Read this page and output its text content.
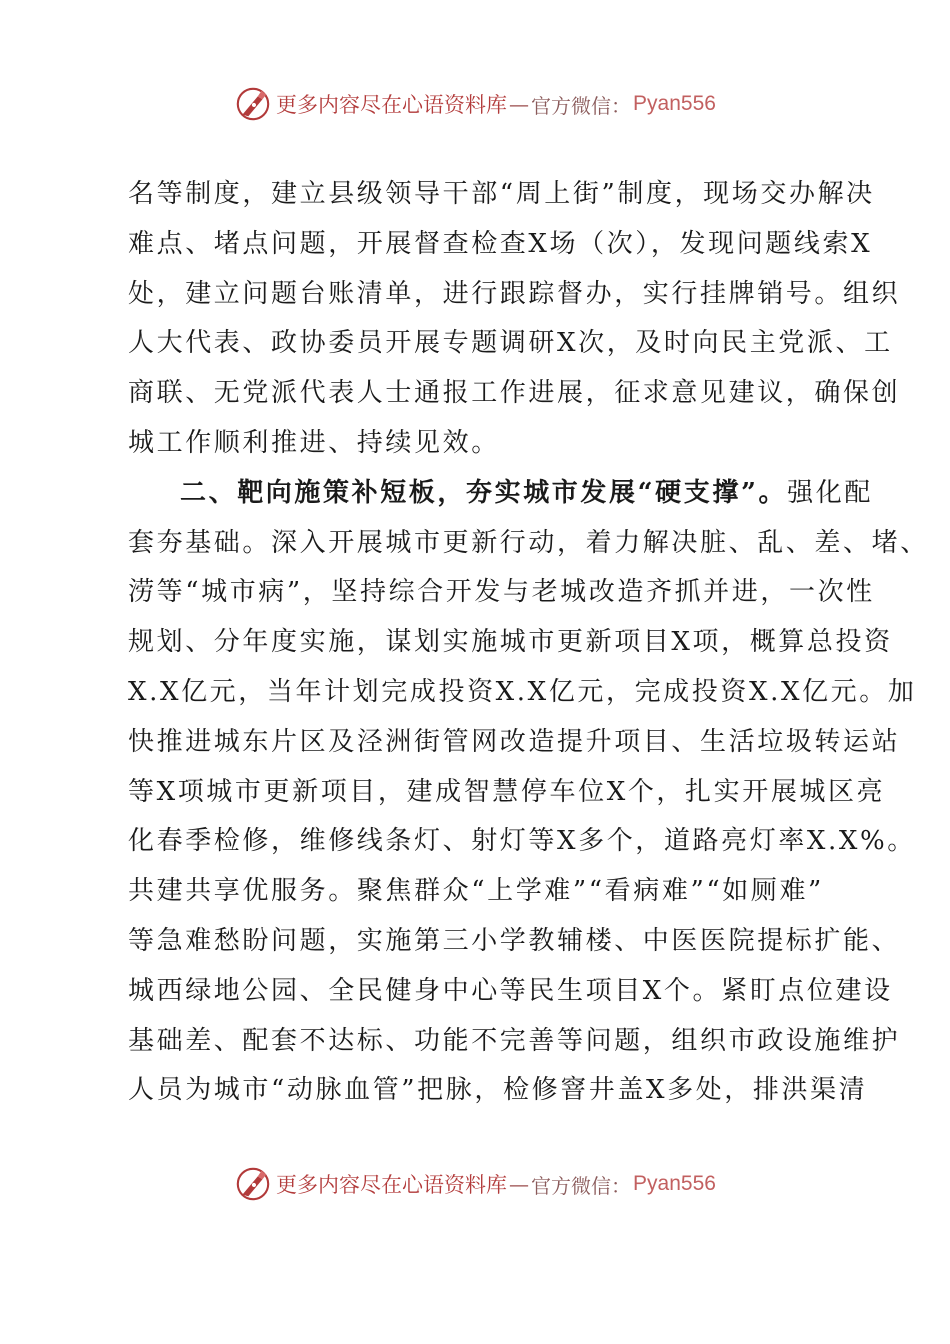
更多内容尽在心语资料库 — 官方微信： Pyan556
名等制度，建立县级领导干部“周上街”制度，现场交办解决
难点、堵点问题，开展督查检查X场（次），发现问题线索X
处，建立问题台账清单，进行跟踪督办，实行挂牌销号。组织
人大代表、政协委员开展专题调研X次，及时向民主党派、工
商联、无党派代表人士通报工作进展，征求意见建议，确保创
城工作顺利推进、持续见效。
二、靶向施策补短板，夯实城市发展“硬支撑”。强化配
套夯基础。深入开展城市更新行动，着力解决脏、乱、差、堵、
涝等“城市病”，坚持综合开发与老城改造齐抓并进，一次性
规划、分年度实施，谋划实施城市更新项目X项，概算总投资
X.X亿元，当年计划完成投资X.X亿元，完成投资X.X亿元。加
快推进城东片区及泾洲街管网改造提升项目、生活垃圾转运站
等X项城市更新项目，建成智慧停车位X个，扎实开展城区亮
化春季检修，维修线条灯、射灯等X多个，道路亮灯率X.X%。
共建共享优服务。聚焦群众“上学难”“看病难”“如厕难”
等急难愁盼问题，实施第三小学教辅楼、中医医院提标扩能、
城西绿地公园、全民健身中心等民生项目X个。紧盯点位建设
基础差、配套不达标、功能不完善等问题，组织市政设施维护
人员为城市“动脉血管”把脉，检修窨井盖X多处，排洪渠清
更多内容尽在心语资料库 — 官方微信： Pyan556
